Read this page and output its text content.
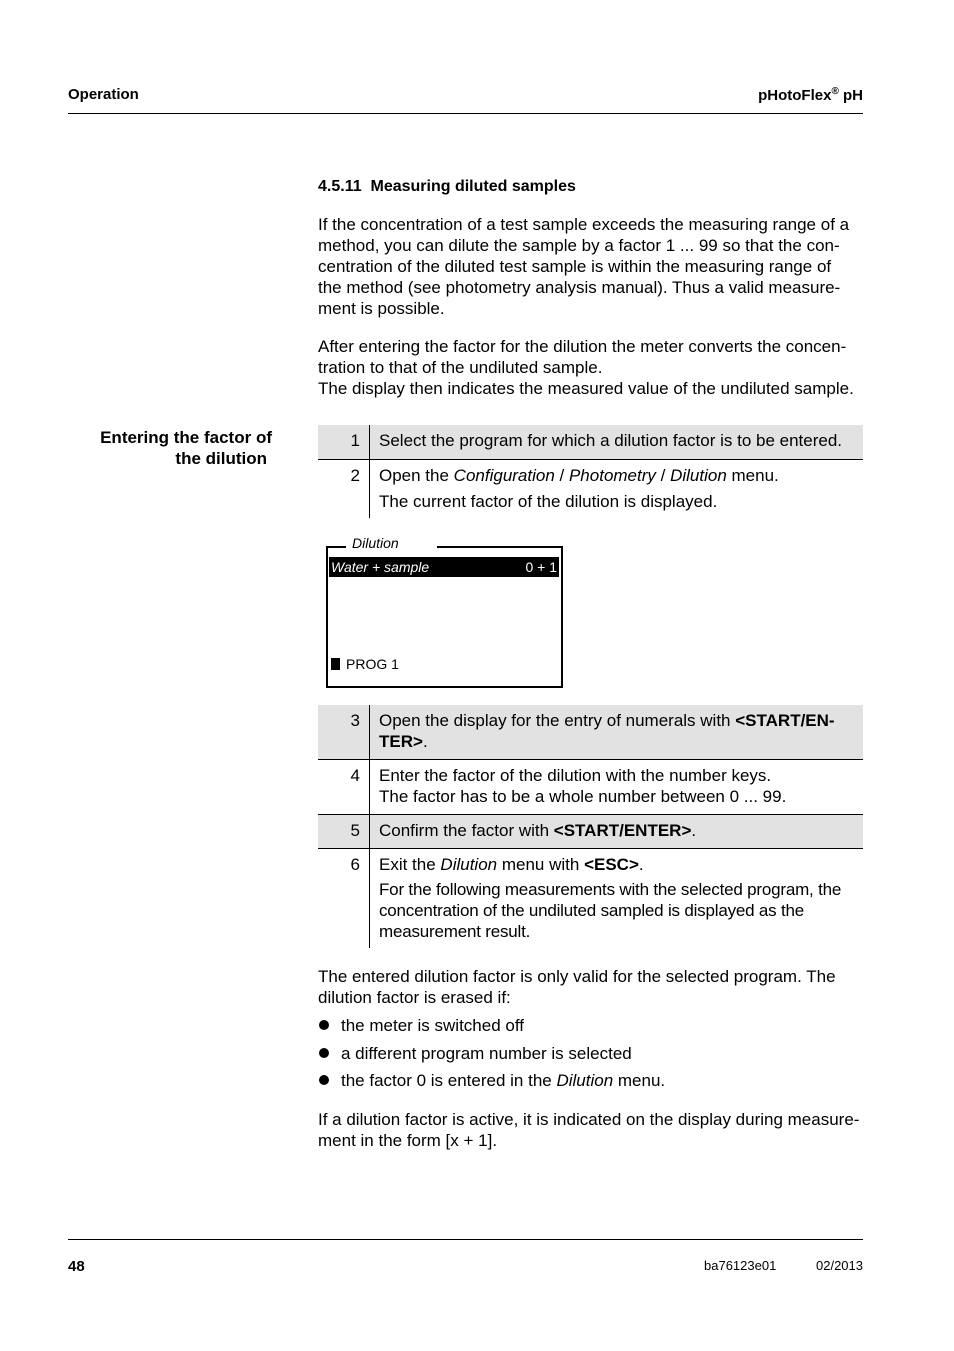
Operation	pHotoFlex® pH
4.5.11 Measuring diluted samples
If the concentration of a test sample exceeds the measuring range of a
method, you can dilute the sample by a factor 1 ... 99 so that the con-
centration of the diluted test sample is within the measuring range of
the method (see photometry analysis manual). Thus a valid measure-
ment is possible.
After entering the factor for the dilution the meter converts the concen-
tration to that of the undiluted sample.
The display then indicates the measured value of the undiluted sample.
Entering the factor of
the dilution
1	Select the program for which a dilution factor is to be entered.
2	Open the Configuration / Photometry / Dilution menu.
The current factor of the dilution is displayed.
Dilution
Water + sample	0 + 1
PROG 1
3	Open the display for the entry of numerals with <START/EN-
TER>.
4	Enter the factor of the dilution with the number keys.
The factor has to be a whole number between 0 ... 99.

5	Confirm the factor with <START/ENTER>.
6	Exit the Dilution menu with <ESC>.
For the following measurements with the selected program, the
concentration of the undiluted sampled is displayed as the
measurement result.
The entered dilution factor is only valid for the selected program. The
dilution factor is erased if:
the meter is switched off
a different program number is selected
the factor 0 is entered in the Dilution menu.
If a dilution factor is active, it is indicated on the display during measure-
ment in the form [x + 1].
48	ba76123e01	02/2013
